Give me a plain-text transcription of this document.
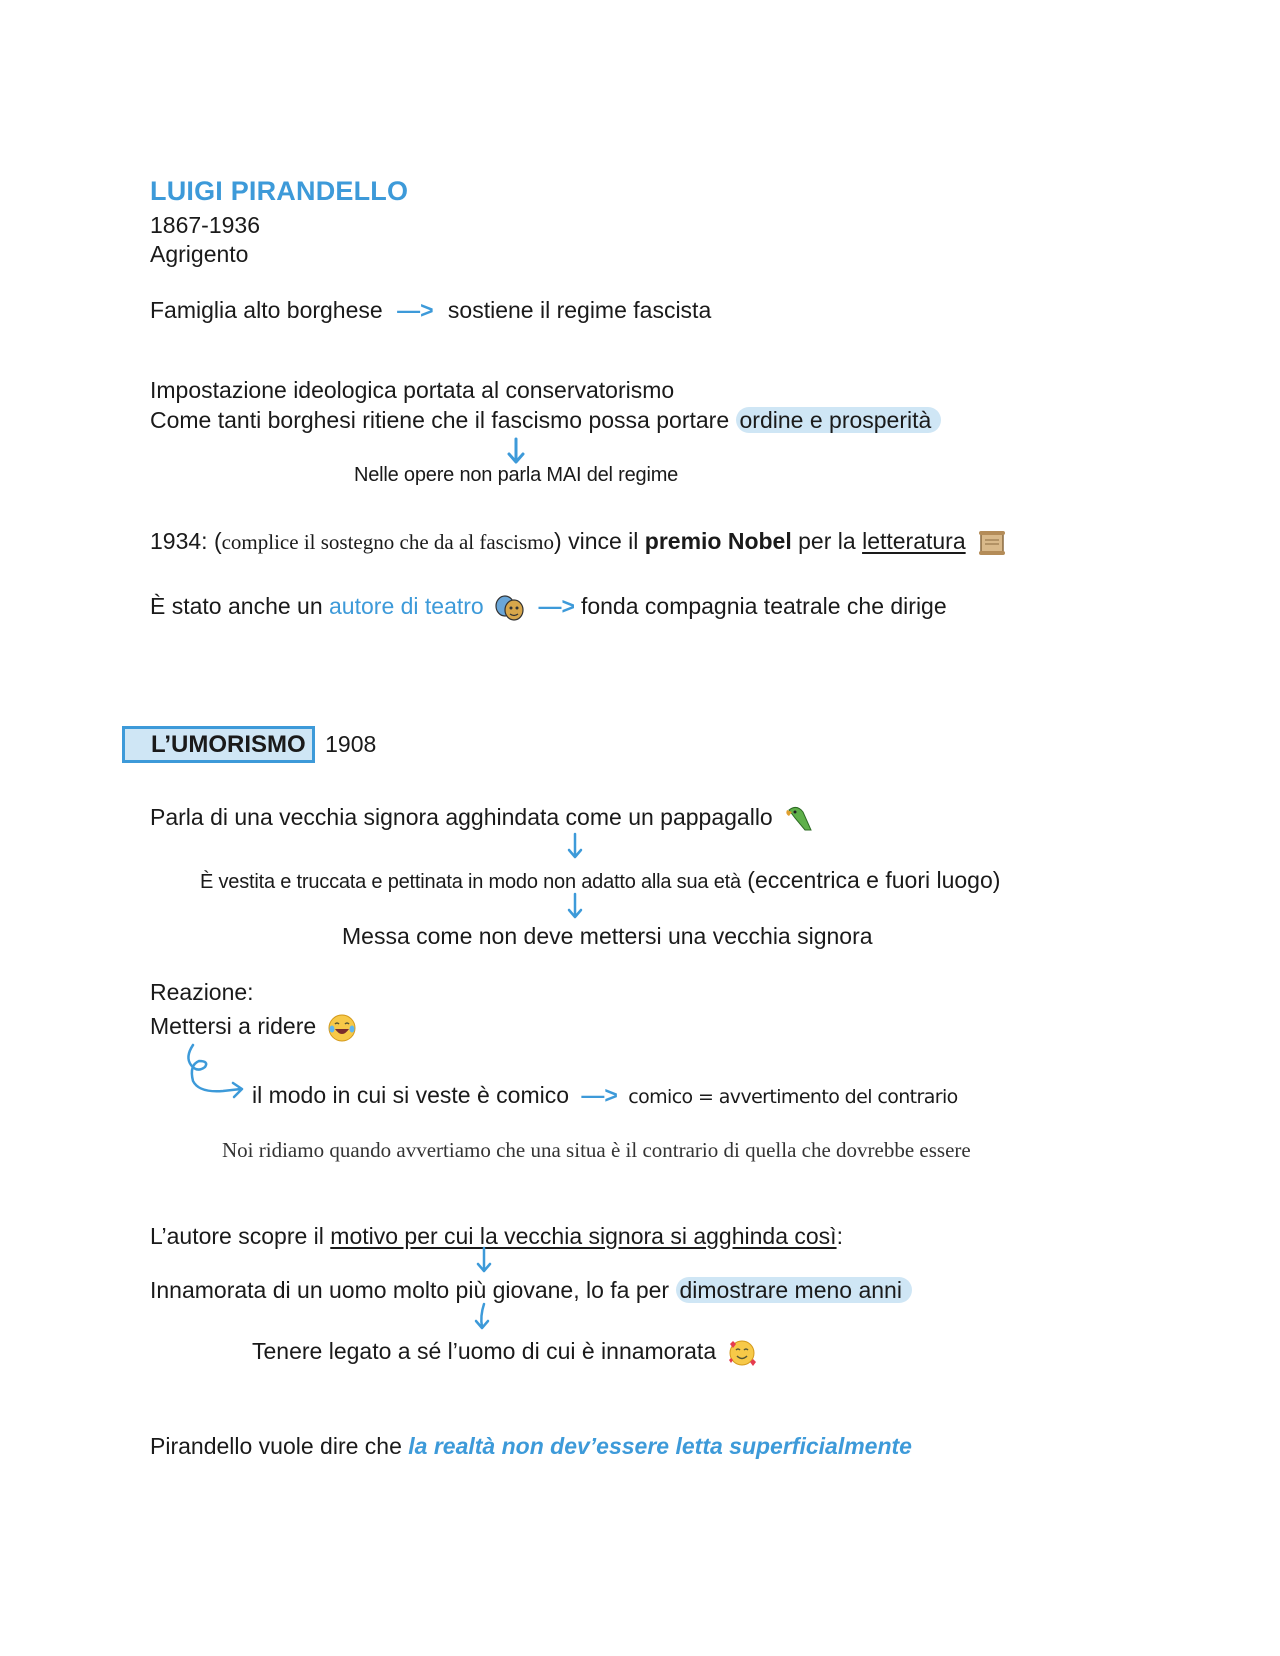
LUIGI PIRANDELLO
1867-1936
Agrigento
Famiglia alto borghese —> sostiene il regime fascista
Impostazione ideologica portata al conservatorismo
Come tanti borghesi ritiene che il fascismo possa portare ordine e prosperità
Nelle opere non parla MAI del regime
1934: (complice il sostegno che da al fascismo) vince il premio Nobel per la letteratura
È stato anche un autore di teatro —> fonda compagnia teatrale che dirige
L’UMORISMO 1908
Parla di una vecchia signora agghindata come un pappagallo
È vestita e truccata e pettinata in modo non adatto alla sua età (eccentrica e fuori luogo)
Messa come non deve mettersi una vecchia signora
Reazione:
Mettersi a ridere
il modo in cui si veste è comico —> comico = avvertimento del contrario
Noi ridiamo quando avvertiamo che una situa è il contrario di quella che dovrebbe essere
L’autore scopre il motivo per cui la vecchia signora si agghinda così:
Innamorata di un uomo molto più giovane, lo fa per dimostrare meno anni
Tenere legato a sé l’uomo di cui è innamorata
Pirandello vuole dire che la realtà non dev’essere letta superficialmente
